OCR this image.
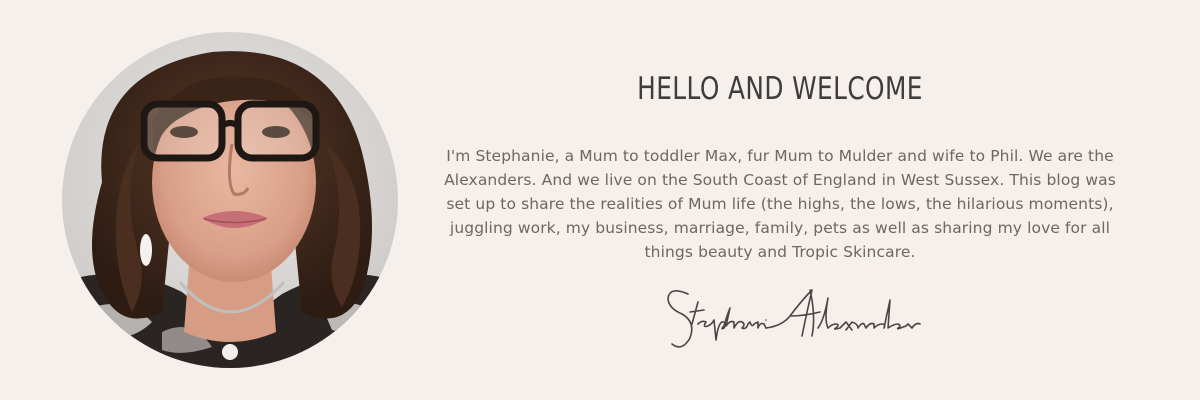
HELLO AND WELCOME

I'm Stephanie, a Mum to toddler Max, fur Mum to Mulder and wife to Phil. We are the Alexanders. And we live on the South Coast of England in West Sussex. This blog was set up to share the realities of Mum life (the highs, the lows, the hilarious moments), juggling work, my business, marriage, family, pets as well as sharing my love for all things beauty and Tropic Skincare.
